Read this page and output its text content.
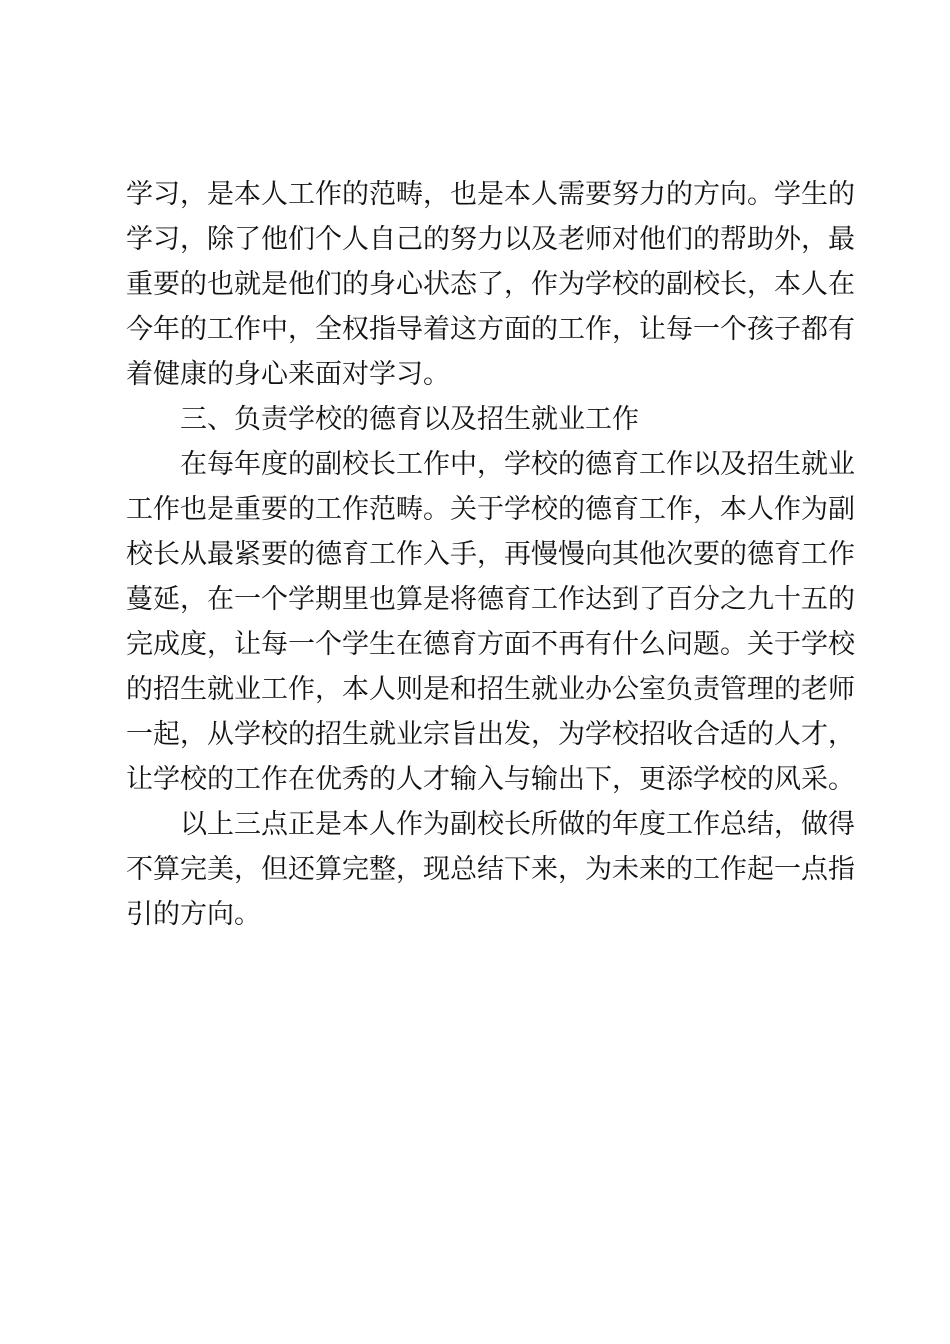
学习，是本人工作的范畴，也是本人需要努力的方向。学生的
学习，除了他们个人自己的努力以及老师对他们的帮助外，最
重要的也就是他们的身心状态了，作为学校的副校长，本人在
今年的工作中，全权指导着这方面的工作，让每一个孩子都有
着健康的身心来面对学习。
三、负责学校的德育以及招生就业工作
在每年度的副校长工作中，学校的德育工作以及招生就业
工作也是重要的工作范畴。关于学校的德育工作，本人作为副
校长从最紧要的德育工作入手，再慢慢向其他次要的德育工作
蔓延，在一个学期里也算是将德育工作达到了百分之九十五的
完成度，让每一个学生在德育方面不再有什么问题。关于学校
的招生就业工作，本人则是和招生就业办公室负责管理的老师
一起，从学校的招生就业宗旨出发，为学校招收合适的人才，
让学校的工作在优秀的人才输入与输出下，更添学校的风采。
以上三点正是本人作为副校长所做的年度工作总结，做得
不算完美，但还算完整，现总结下来，为未来的工作起一点指
引的方向。
